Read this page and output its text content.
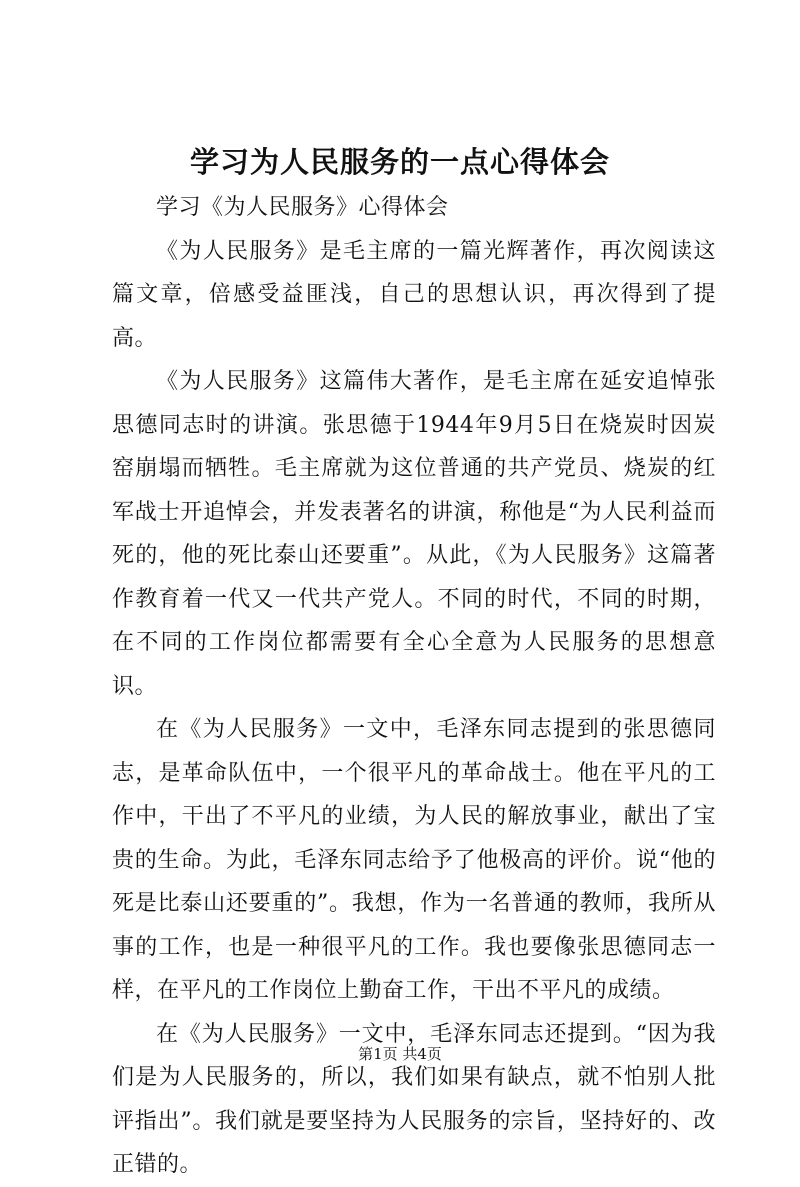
学习为人民服务的一点心得体会

学习《为人民服务》心得体会

《为人民服务》是毛主席的一篇光辉著作，再次阅读这篇文章，倍感受益匪浅，自己的思想认识，再次得到了提高。

《为人民服务》这篇伟大著作，是毛主席在延安追悼张思德同志时的讲演。张思德于1944年9月5日在烧炭时因炭窑崩塌而牺牲。毛主席就为这位普通的共产党员、烧炭的红军战士开追悼会，并发表著名的讲演，称他是“为人民利益而死的，他的死比泰山还要重”。从此，《为人民服务》这篇著作教育着一代又一代共产党人。不同的时代，不同的时期，在不同的工作岗位都需要有全心全意为人民服务的思想意识。

在《为人民服务》一文中，毛泽东同志提到的张思德同志，是革命队伍中，一个很平凡的革命战士。他在平凡的工作中，干出了不平凡的业绩，为人民的解放事业，献出了宝贵的生命。为此，毛泽东同志给予了他极高的评价。说“他的死是比泰山还要重的”。我想，作为一名普通的教师，我所从事的工作，也是一种很平凡的工作。我也要像张思德同志一样，在平凡的工作岗位上勤奋工作，干出不平凡的成绩。

在《为人民服务》一文中，毛泽东同志还提到。“因为我们是为人民服务的，所以，我们如果有缺点，就不怕别人批评指出”。我们就是要坚持为人民服务的宗旨，坚持好的、改正错的。

第1页 共4页
